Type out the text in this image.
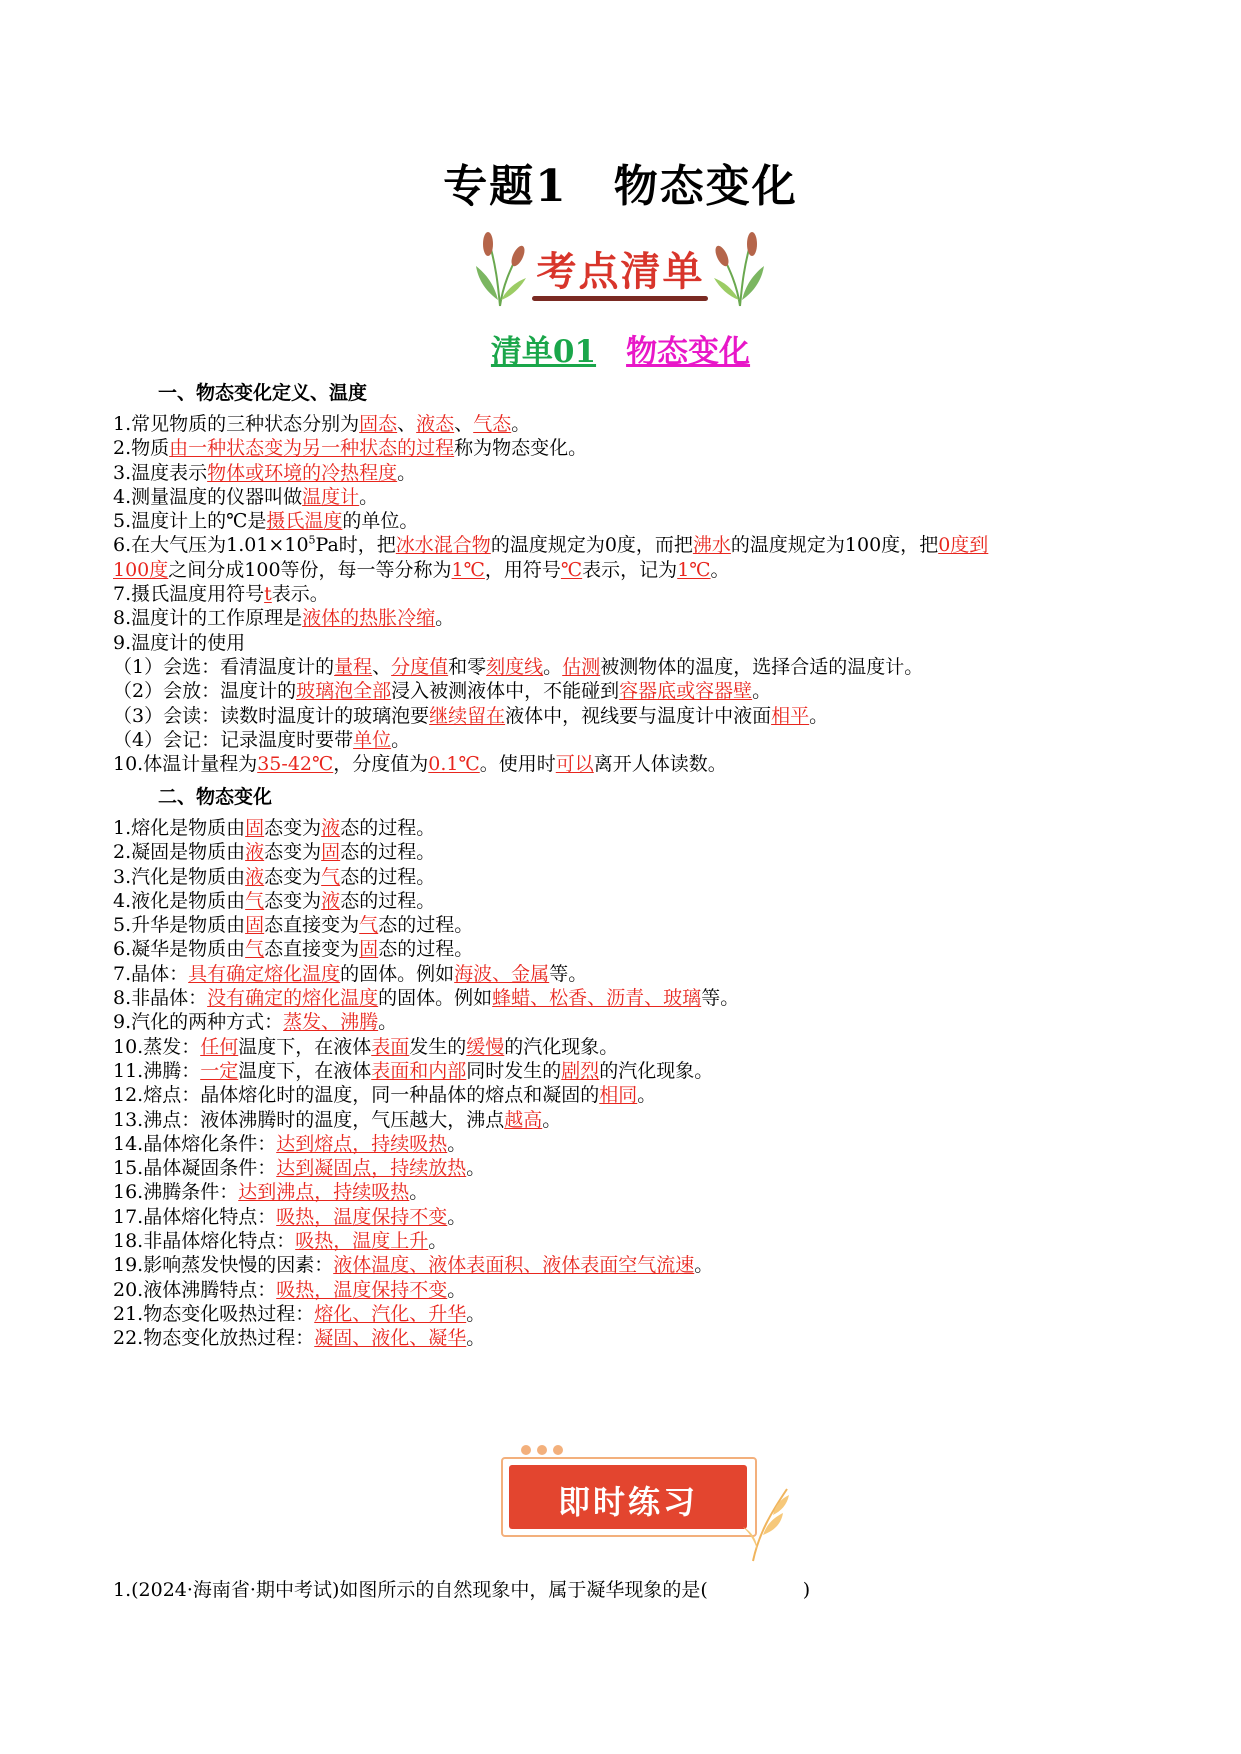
专题1　物态变化
考点清单
清单01 物态变化
一、物态变化定义、温度
1.常见物质的三种状态分别为固态、液态、气态。
2.物质由一种状态变为另一种状态的过程称为物态变化。
3.温度表示物体或环境的冷热程度。
4.测量温度的仪器叫做温度计。
5.温度计上的℃是摄氏温度的单位。
6.在大气压为$1.01\times 10^5Pa$时，把冰水混合物的温度规定为0度，而把沸水的温度规定为100度，把0度到
100度之间分成100等份，每一等分称为1℃，用符号℃表示，记为1℃。
7.摄氏温度用符号t表示。
8.温度计的工作原理是液体的热胀冷缩。
9.温度计的使用
（1）会选：看清温度计的量程、分度值和零刻度线。估测被测物体的温度，选择合适的温度计。
（2）会放：温度计的玻璃泡全部浸入被测液体中，不能碰到容器底或容器壁。
（3）会读：读数时温度计的玻璃泡要继续留在液体中，视线要与温度计中液面相平。
（4）会记：记录温度时要带单位。
10.体温计量程为35-42℃，分度值为0.1℃。使用时可以离开人体读数。
二、物态变化
1.熔化是物质由固态变为液态的过程。
2.凝固是物质由液态变为固态的过程。
3.汽化是物质由液态变为气态的过程。
4.液化是物质由气态变为液态的过程。
5.升华是物质由固态直接变为气态的过程。
6.凝华是物质由气态直接变为固态的过程。
7.晶体：具有确定熔化温度的固体。例如海波、金属等。
8.非晶体：没有确定的熔化温度的固体。例如蜂蜡、松香、沥青、玻璃等。
9.汽化的两种方式：蒸发、沸腾。
10.蒸发：任何温度下，在液体表面发生的缓慢的汽化现象。
11.沸腾：一定温度下，在液体表面和内部同时发生的剧烈的汽化现象。
12.熔点：晶体熔化时的温度，同一种晶体的熔点和凝固的相同。
13.沸点：液体沸腾时的温度，气压越大，沸点越高。
14.晶体熔化条件：达到熔点，持续吸热。
15.晶体凝固条件：达到凝固点，持续放热。
16.沸腾条件：达到沸点，持续吸热。
17.晶体熔化特点：吸热，温度保持不变。
18.非晶体熔化特点：吸热，温度上升。
19.影响蒸发快慢的因素：液体温度、液体表面积、液体表面空气流速。
20.液体沸腾特点：吸热，温度保持不变。
21.物态变化吸热过程：熔化、汽化、升华。
22.物态变化放热过程：凝固、液化、凝华。
即时练习
1.(2024·海南省·期中考试)如图所示的自然现象中，属于凝华现象的是(　　　　　)
